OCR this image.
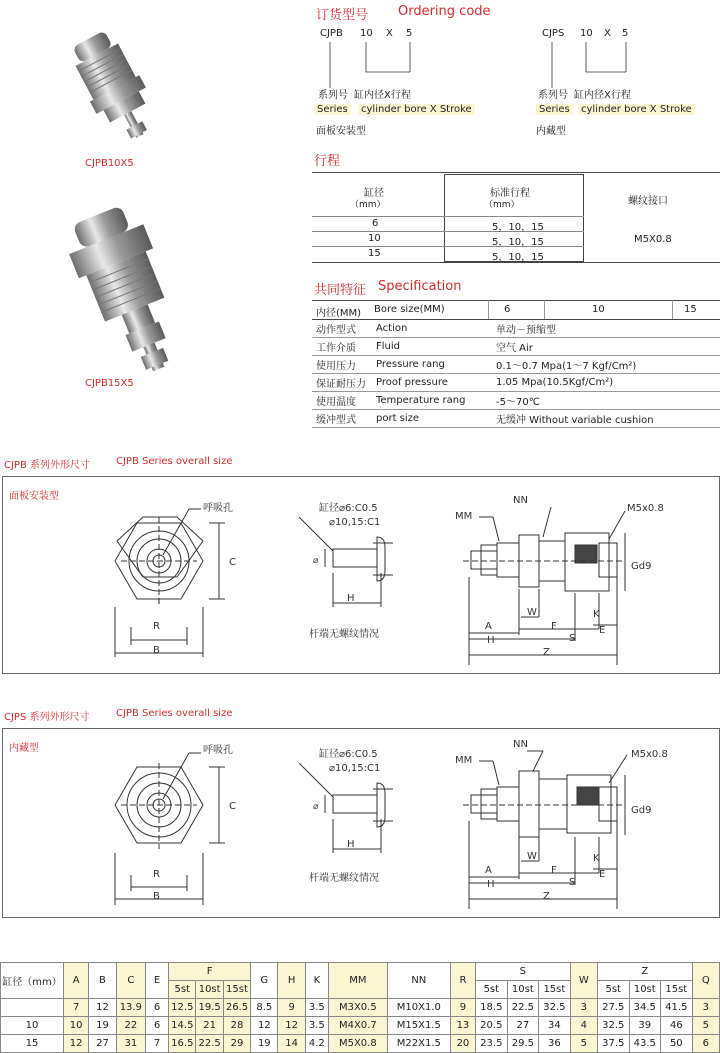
CJPB10X5
CJPB15X5
订货型号 Ordering code
CJPB 10 X 5
系列号 缸内径X行程
Series	cylinder bore X Stroke
面板安装型
CJPS 10 X 5
系列号 缸内径X行程
Series	cylinder bore X Stroke
内藏型
行程
缸径
（mm）
标准行程
（mm）	螺纹接口
6	5，10，15
10	5，10，15
15	5，10，15
M5X0.8
共同特征 Specification
内径(MM) Bore size(MM)	6	10	15
动作型式	Action	单动－预缩型
工作介质	Fluid	空气 Air
使用压力	Pressure rang	0.1～0.7 Mpa(1～7 Kgf/Cm²)
保证耐压力	Proof pressure	1.05 Mpa(10.5Kgf/Cm²)
使用温度	Temperature rang	-5～70℃
缓冲型式	port size	无缓冲 Without variable cushion
CJPB 系列外形尺寸	CJPB Series overall size
面板安装型
呼吸孔
R
B
C
缸径⌀6:C0.5
⌀10,15:C1
⌀
H
杆端无螺纹情况
MM
NN
M5x0.8
Gd9
A
H
W
F
S
Z
K
E
CJPS 系列外形尺寸	CJPB Series overall size
内藏型	呼吸孔
R
B
C
缸径⌀6:C0.5
⌀10,15:C1
⌀
H
杆端无螺纹情况
MM
NN
M5x0.8
Gd9
A
H
W
F
S
Z
K
E
缸径（mm）	A	B	C	E	F			G	H	K	MM	NN	R	S			W	Z			Q
					5st	10st	15st							5st	10st	15st		5st	10st	15st	
	7	12	13.9	6	12.5	19.5	26.5	8.5	9	3.5	M3X0.5	M10X1.0	9	18.5	22.5	32.5	3	27.5	34.5	41.5	3
10	10	19	22	6	14.5	21	28	12	12	3.5	M4X0.7	M15X1.5	13	20.5	27	34	4	32.5	39	46	5
15	12	27	31	7	16.5	22.5	29	19	14	4.2	M5X0.8	M22X1.5	20	23.5	29.5	36	5	37.5	43.5	50	6
